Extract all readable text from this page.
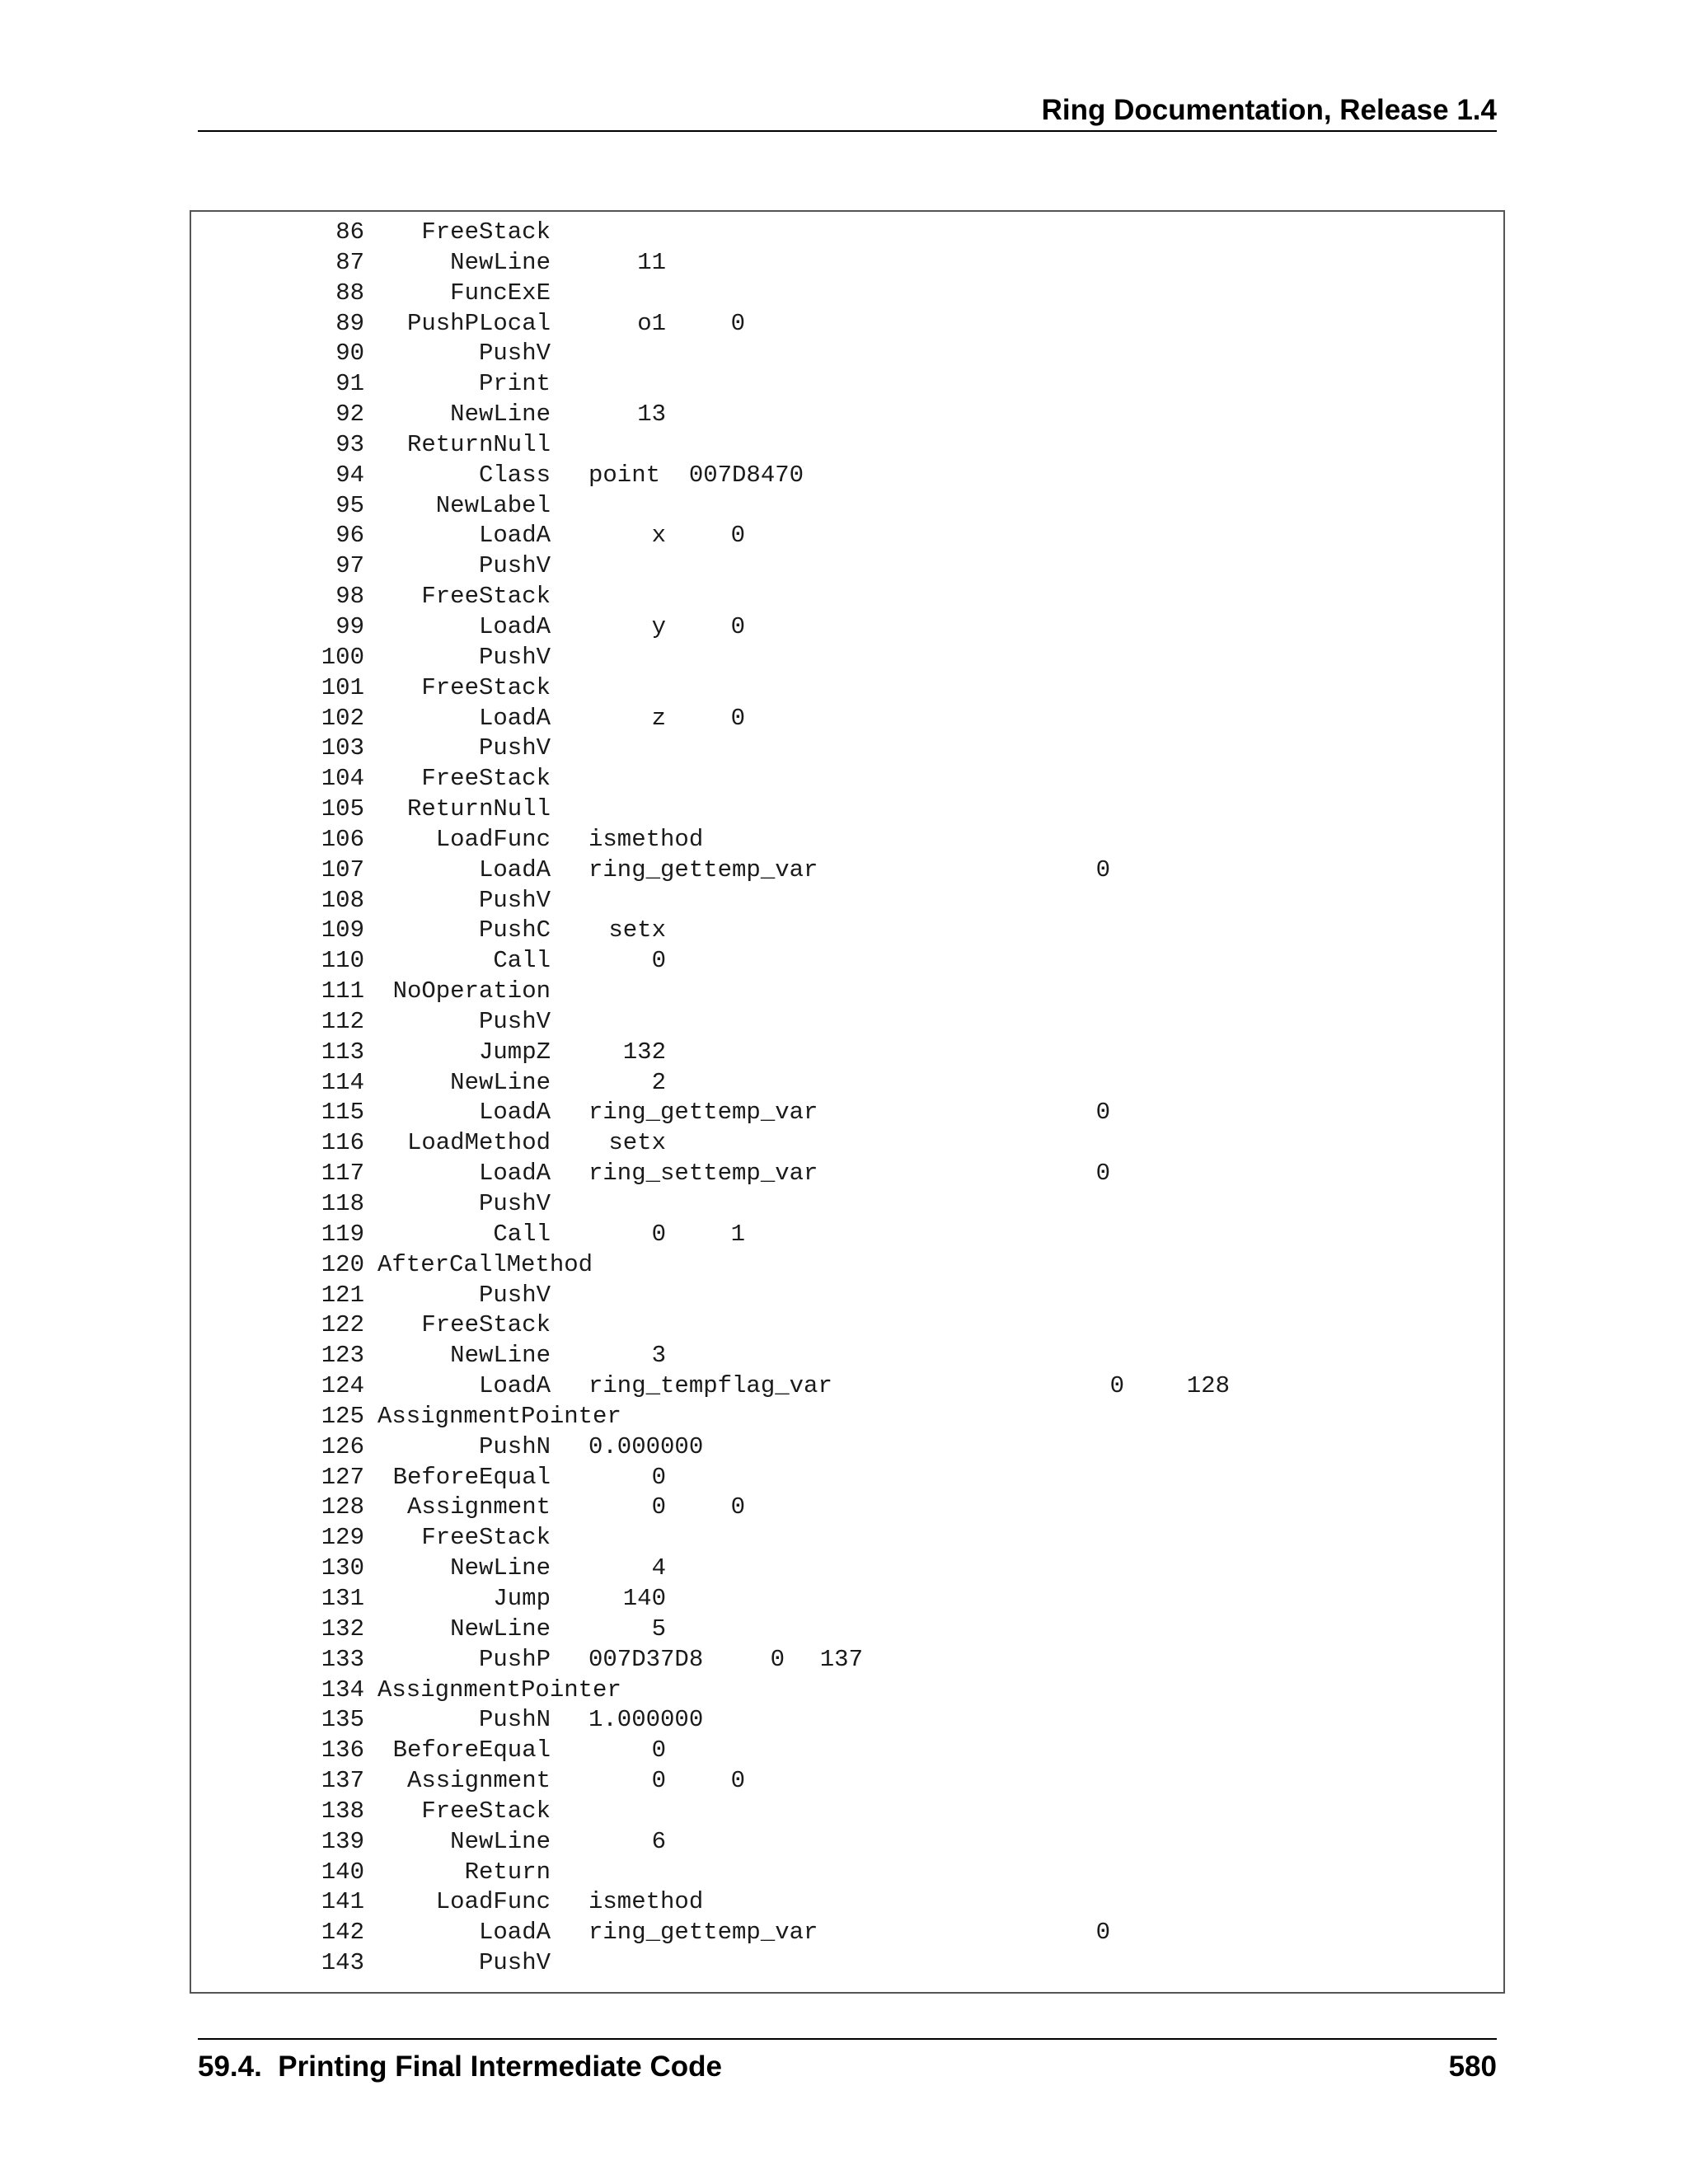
Ring Documentation, Release 1.4
86	FreeStack
87	NewLine	11
88	FuncExE
89	PushPLocal	o1	0
90	PushV
91	Print
92	NewLine	13
93	ReturnNull
94	Class point  007D8470
95	NewLabel
96	LoadA	x	0
97	PushV
98	FreeStack
99	LoadA	y	0
100	PushV
101	FreeStack
102	LoadA	z	0
103	PushV
104	FreeStack
105	ReturnNull
106	LoadFunc ismethod
107	LoadA ring_gettemp_var	0
108	PushV
109	PushC	setx
110	Call	0
111	NoOperation
112	PushV
113	JumpZ	132
114	NewLine	2
115	LoadA ring_gettemp_var	0
116	LoadMethod	setx
117	LoadA ring_settemp_var	0
118	PushV
119	Call	0	1
120 AfterCallMethod
121	PushV
122	FreeStack
123	NewLine	3
124	LoadA ring_tempflag_var	0	128
125 AssignmentPointer
126	PushN 0.000000
127	BeforeEqual	0
128	Assignment	0	0
129	FreeStack
130	NewLine	4
131	Jump	140
132	NewLine	5
133	PushP 007D37D8	0	137
134 AssignmentPointer
135	PushN 1.000000
136	BeforeEqual	0
137	Assignment	0	0
138	FreeStack
139	NewLine	6
140	Return
141	LoadFunc ismethod
142	LoadA ring_gettemp_var	0
143	PushV
59.4.  Printing Final Intermediate Code	580
